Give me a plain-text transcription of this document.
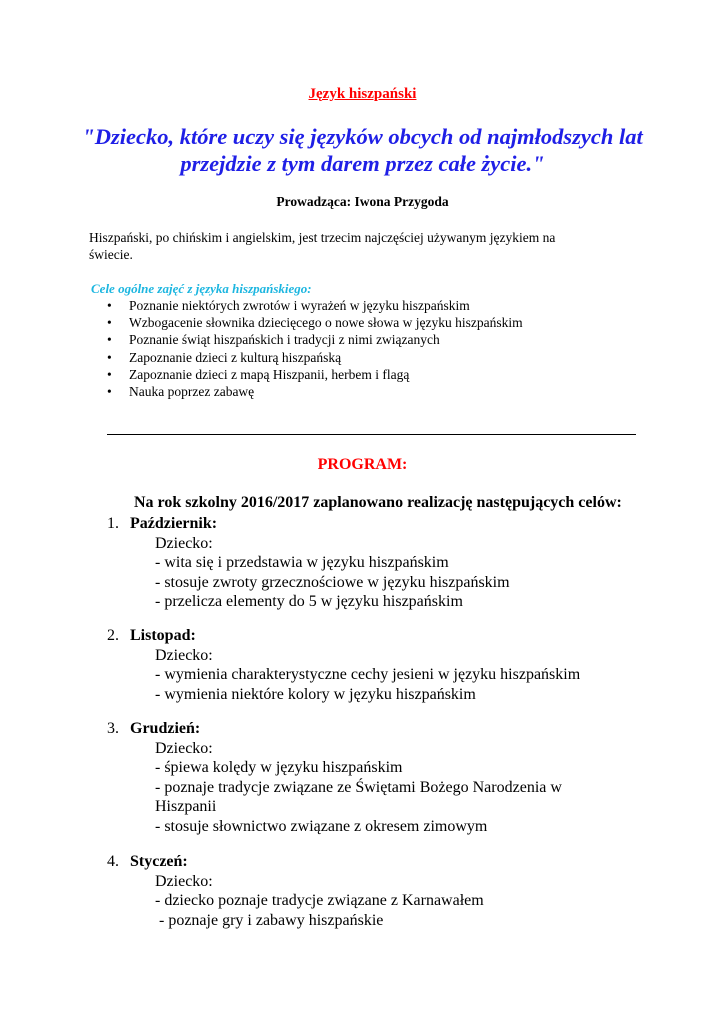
Język hiszpański
"Dziecko, które uczy się języków obcych od najmłodszych lat
przejdzie z tym darem przez całe życie."
Prowadząca: Iwona Przygoda
Hiszpański, po chińskim i angielskim, jest trzecim najczęściej używanym językiem na
świecie.
Cele ogólne zajęć z języka hiszpańskiego:
• Poznanie niektórych zwrotów i wyrażeń w języku hiszpańskim
• Wzbogacenie słownika dziecięcego o nowe słowa w języku hiszpańskim
• Poznanie świąt hiszpańskich i tradycji z nimi związanych
• Zapoznanie dzieci z kulturą hiszpańską
• Zapoznanie dzieci z mapą Hiszpanii, herbem i flagą
• Nauka poprzez zabawę
PROGRAM:
Na rok szkolny 2016/2017 zaplanowano realizację następujących celów:
1. Październik:
Dziecko:
- wita się i przedstawia w języku hiszpańskim
- stosuje zwroty grzecznościowe w języku hiszpańskim
- przelicza elementy do 5 w języku hiszpańskim
2. Listopad:
Dziecko:
- wymienia charakterystyczne cechy jesieni w języku hiszpańskim
- wymienia niektóre kolory w języku hiszpańskim
3. Grudzień:
Dziecko:
- śpiewa kolędy w języku hiszpańskim
- poznaje tradycje związane ze Świętami Bożego Narodzenia w
Hiszpanii
- stosuje słownictwo związane z okresem zimowym
4. Styczeń:
Dziecko:
- dziecko poznaje tradycje związane z Karnawałem
- poznaje gry i zabawy hiszpańskie
